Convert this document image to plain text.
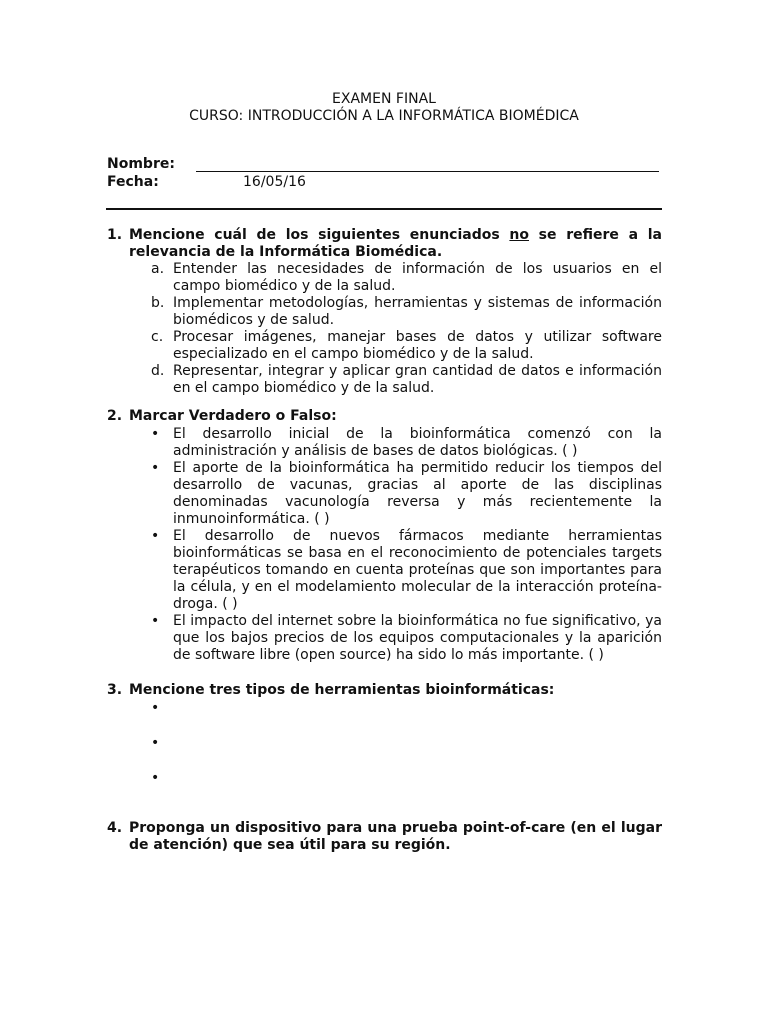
EXAMEN FINAL
CURSO: INTRODUCCIÓN A LA INFORMÁTICA BIOMÉDICA
Nombre:
Fecha:	16/05/16
1. Mencione cuál de los siguientes enunciados no se refiere a la relevancia de la Informática Biomédica.
a. Entender las necesidades de información de los usuarios en el campo biomédico y de la salud.
b. Implementar metodologías, herramientas y sistemas de información biomédicos y de salud.
c. Procesar imágenes, manejar bases de datos y utilizar software especializado en el campo biomédico y de la salud.
d. Representar, integrar y aplicar gran cantidad de datos e información en el campo biomédico y de la salud.
2. Marcar Verdadero o Falso:
• El desarrollo inicial de la bioinformática comenzó con la administración y análisis de bases de datos biológicas. ( )
• El aporte de la bioinformática ha permitido reducir los tiempos del desarrollo de vacunas, gracias al aporte de las disciplinas denominadas vacunología reversa y más recientemente la inmunoinformática. ( )
• El desarrollo de nuevos fármacos mediante herramientas bioinformáticas se basa en el reconocimiento de potenciales targets terapéuticos tomando en cuenta proteínas que son importantes para la célula, y en el modelamiento molecular de la interacción proteína-droga. ( )
• El impacto del internet sobre la bioinformática no fue significativo, ya que los bajos precios de los equipos computacionales y la aparición de software libre (open source) ha sido lo más importante. ( )
3. Mencione tres tipos de herramientas bioinformáticas:
•
•
•
4. Proponga un dispositivo para una prueba point-of-care (en el lugar de atención) que sea útil para su región.
